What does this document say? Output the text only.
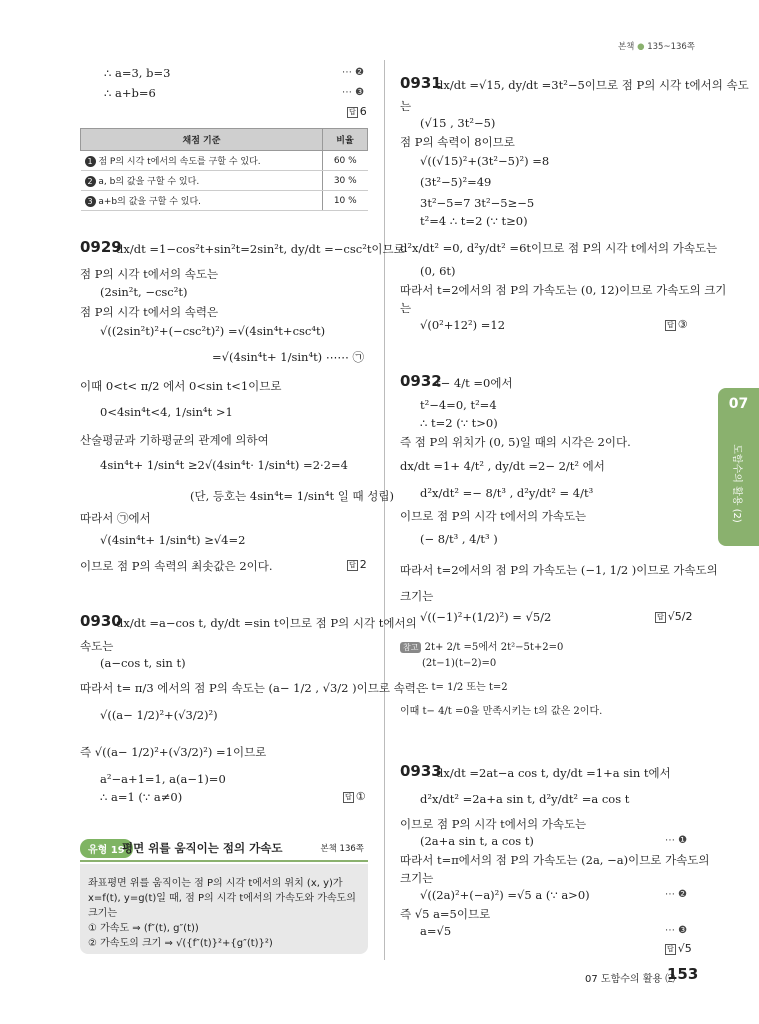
본책 ● 135~136쪽
∴ a=3, b=3	⋯ ❷
∴ a+b=6	⋯ ❸
답 6
채점 기준	비율
1 점 P의 시각 t에서의 속도를 구할 수 있다.	60 %
2 a, b의 값을 구할 수 있다.	30 %
3 a+b의 값을 구할 수 있다.	10 %
0929
dx/dt =1−cos²t+sin²t=2sin²t, dy/dt =−csc²t이므로
점 P의 시각 t에서의 속도는
(2sin²t, −csc²t)
점 P의 시각 t에서의 속력은
√((2sin²t)²+(−csc²t)²) =√(4sin⁴t+csc⁴t)
=√(4sin⁴t+ 1/sin⁴t) ⋯⋯ ㉠
이때 0<t< π/2 에서 0<sin t<1이므로
0<4sin⁴t<4, 1/sin⁴t >1
산술평균과 기하평균의 관계에 의하여
4sin⁴t+ 1/sin⁴t ≥2√(4sin⁴t· 1/sin⁴t) =2·2=4
(단, 등호는 4sin⁴t= 1/sin⁴t 일 때 성립)
따라서 ㉠에서
√(4sin⁴t+ 1/sin⁴t) ≥√4=2
이므로 점 P의 속력의 최솟값은 2이다.	답 2
0930
dx/dt =a−cos t, dy/dt =sin t이므로 점 P의 시각 t에서의
속도는
(a−cos t, sin t)
따라서 t= π/3 에서의 점 P의 속도는 (a− 1/2 , √3/2 )이므로 속력은
√((a− 1/2)²+(√3/2)²)
즉 √((a− 1/2)²+(√3/2)²) =1이므로
a²−a+1=1, a(a−1)=0
∴ a=1 (∵ a≠0)	답 ①
유형 19
평면 위를 움직이는 점의 가속도	본책 136쪽
좌표평면 위를 움직이는 점 P의 시각 t에서의 위치 (x, y)가
x=f(t), y=g(t)일 때, 점 P의 시각 t에서의 가속도와 가속도의
크기는
① 가속도 ⇒ (f″(t), g″(t))
② 가속도의 크기 ⇒ √({f″(t)}²+{g″(t)}²)
0931
dx/dt =√15, dy/dt =3t²−5이므로 점 P의 시각 t에서의 속도
는
(√15 , 3t²−5)
점 P의 속력이 8이므로
√((√15)²+(3t²−5)²) =8
(3t²−5)²=49
3t²−5=7 3t²−5≥−5
t²=4 ∴ t=2 (∵ t≥0)
d²x/dt² =0, d²y/dt² =6t이므로 점 P의 시각 t에서의 가속도는
(0, 6t)
따라서 t=2에서의 점 P의 가속도는 (0, 12)이므로 가속도의 크기
는
√(0²+12²) =12	답 ③
0932
t− 4/t =0에서
t²−4=0, t²=4
∴ t=2 (∵ t>0)
즉 점 P의 위치가 (0, 5)일 때의 시각은 2이다.
dx/dt =1+ 4/t² , dy/dt =2− 2/t² 에서
d²x/dt² =− 8/t³ , d²y/dt² = 4/t³
이므로 점 P의 시각 t에서의 가속도는
(− 8/t³ , 4/t³ )
따라서 t=2에서의 점 P의 가속도는 (−1, 1/2 )이므로 가속도의
크기는
√((−1)²+(1/2)²) = √5/2	답 √5/2
참고 2t+ 2/t =5에서 2t²−5t+2=0
(2t−1)(t−2)=0
∴ t= 1/2 또는 t=2
이때 t− 4/t =0을 만족시키는 t의 값은 2이다.
0933
dx/dt =2at−a cos t, dy/dt =1+a sin t에서
d²x/dt² =2a+a sin t, d²y/dt² =a cos t
이므로 점 P의 시각 t에서의 가속도는
(2a+a sin t, a cos t)	⋯ ❶
따라서 t=π에서의 점 P의 가속도는 (2a, −a)이므로 가속도의
크기는
√((2a)²+(−a)²) =√5 a (∵ a>0)	⋯ ❷
즉 √5 a=5이므로
a=√5	⋯ ❸
답 √5
07
도함수의 활용 (2)
07 도함수의 활용 ⑵
153
